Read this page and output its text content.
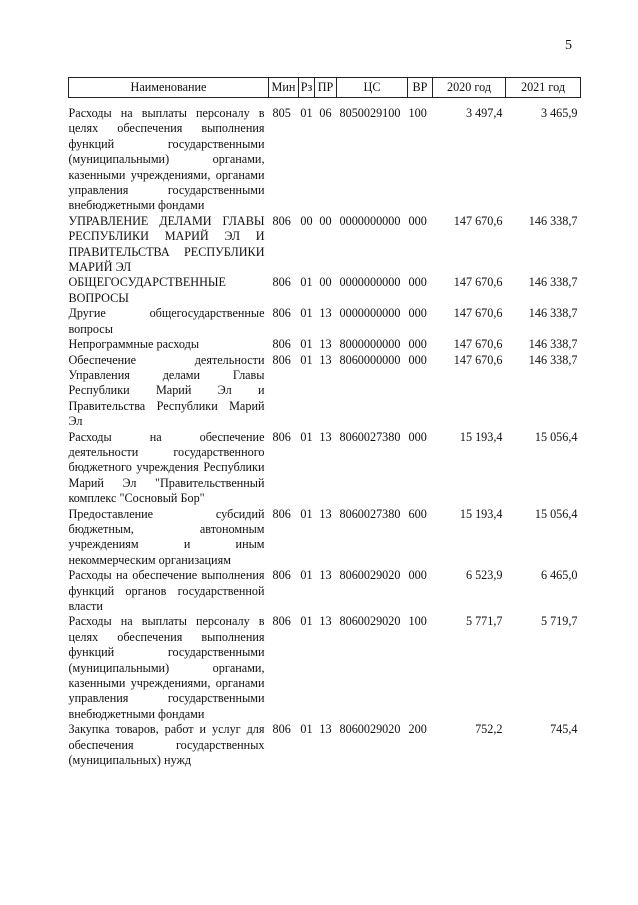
5
Наименование	Мин	Рз	ПР	ЦС	ВР	2020 год	2021 год
Расходы на выплаты персоналу в целях обеспечения выполнения функций государственными (муниципальными) органами, казенными учреждениями, органами управления государственными внебюджетными фондами	805	01	06	8050029100	100	3 497,4	3 465,9
УПРАВЛЕНИЕ ДЕЛАМИ ГЛАВЫ РЕСПУБЛИКИ МАРИЙ ЭЛ И ПРАВИТЕЛЬСТВА РЕСПУБЛИКИ МАРИЙ ЭЛ	806	00	00	0000000000	000	147 670,6	146 338,7
ОБЩЕГОСУДАРСТВЕННЫЕ ВОПРОСЫ	806	01	00	0000000000	000	147 670,6	146 338,7
Другие общегосударственные вопросы	806	01	13	0000000000	000	147 670,6	146 338,7
Непрограммные расходы	806	01	13	8000000000	000	147 670,6	146 338,7
Обеспечение деятельности Управления делами Главы Республики Марий Эл и Правительства Республики Марий Эл	806	01	13	8060000000	000	147 670,6	146 338,7
Расходы на обеспечение деятельности государственного бюджетного учреждения Республики Марий Эл "Правительственный комплекс "Сосновый Бор"	806	01	13	8060027380	000	15 193,4	15 056,4
Предоставление субсидий бюджетным, автономным учреждениям и иным некоммерческим организациям	806	01	13	8060027380	600	15 193,4	15 056,4
Расходы на обеспечение выполнения функций органов государственной власти	806	01	13	8060029020	000	6 523,9	6 465,0
Расходы на выплаты персоналу в целях обеспечения выполнения функций государственными (муниципальными) органами, казенными учреждениями, органами управления государственными внебюджетными фондами	806	01	13	8060029020	100	5 771,7	5 719,7
Закупка товаров, работ и услуг для обеспечения государственных (муниципальных) нужд	806	01	13	8060029020	200	752,2	745,4
